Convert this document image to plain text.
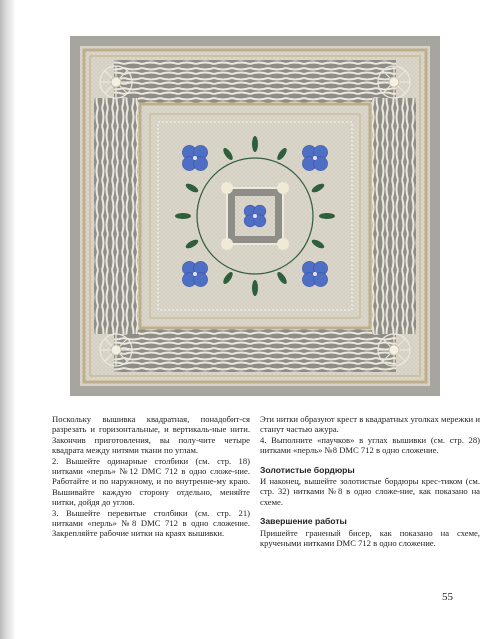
Поскольку вышивка квадратная, понадобит-ся разрезать и горизонтальные, и вертикаль-ные нити. Закончив приготовления, вы полу-чите четыре квадрата между нитями ткани по углам.

2. Вышейте одинарные столбики (см. стр. 18) нитками «перль» №12 DMC 712 в одно сложе-ние. Работайте и по наружному, и по внутренне-му краю. Вышивайте каждую сторону отдельно, меняйте нитки, дойдя до углов.

3. Вышейте перевитые столбики (см. стр. 21) нитками «перль» №8 DMC 712 в одно сложение. Закрепляйте рабочие нитки на краях вышивки.

Эти нитки образуют крест в квадратных уголках мережки и станут частью ажура.

4. Выполните «паучков» в углах вышивки (см. стр. 28) нитками «перль» №8 DMC 712 в одно сложение.

Золотистые бордюры

И наконец, вышейте золотистые бордюры крес-тиком (см. стр. 32) нитками №8 в одно сложе-ние, как показано на схеме.

Завершение работы

Пришейте граненый бисер, как показано на схеме, кручеными нитками DMC 712 в одно сложение.

55
